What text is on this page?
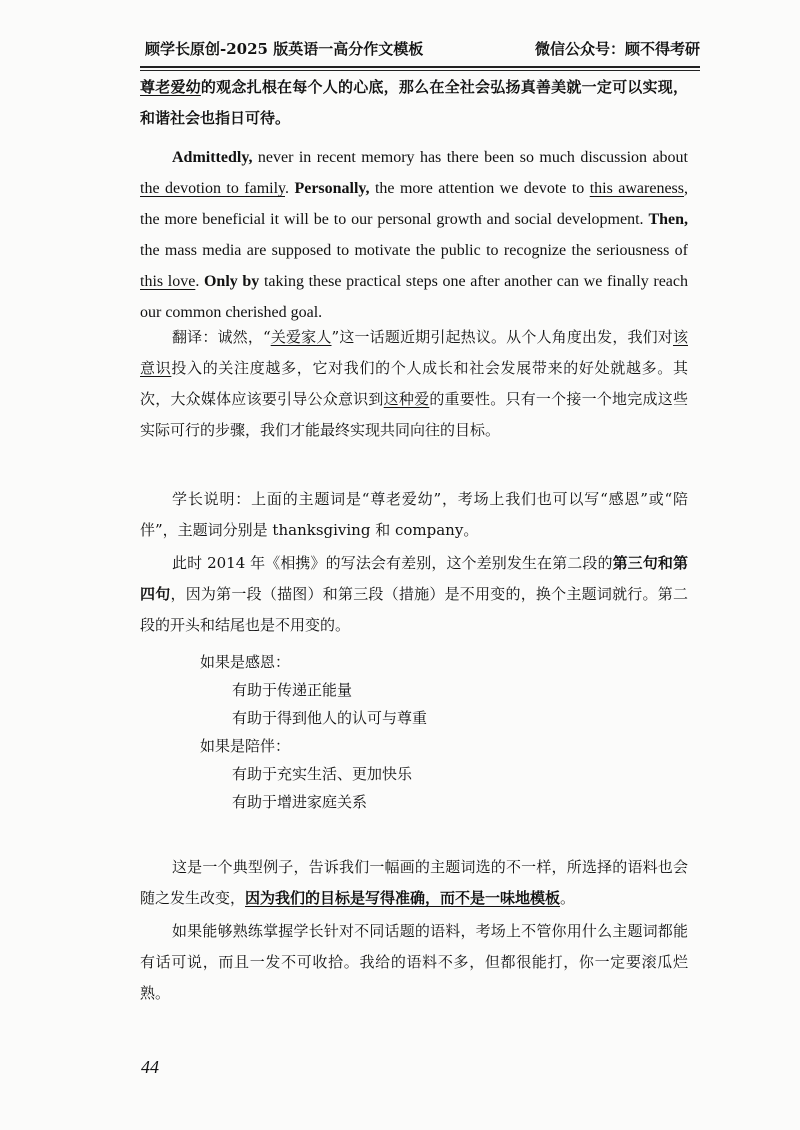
顾学长原创-2025 版英语一高分作文模板	微信公众号：顾不得考研

尊老爱幼的观念扎根在每个人的心底，那么在全社会弘扬真善美就一定可以实现，和谐社会也指日可待。

Admittedly, never in recent memory has there been so much discussion about the devotion to family. Personally, the more attention we devote to this awareness, the more beneficial it will be to our personal growth and social development. Then, the mass media are supposed to motivate the public to recognize the seriousness of this love. Only by taking these practical steps one after another can we finally reach our common cherished goal.

翻译：诚然，“关爱家人”这一话题近期引起热议。从个人角度出发，我们对该意识投入的关注度越多，它对我们的个人成长和社会发展带来的好处就越多。其次，大众媒体应该要引导公众意识到这种爱的重要性。只有一个接一个地完成这些实际可行的步骤，我们才能最终实现共同向往的目标。

学长说明：上面的主题词是“尊老爱幼”，考场上我们也可以写“感恩”或“陪伴”，主题词分别是 thanksgiving 和 company。

此时 2014 年《相携》的写法会有差别，这个差别发生在第二段的第三句和第四句，因为第一段（描图）和第三段（措施）是不用变的，换个主题词就行。第二段的开头和结尾也是不用变的。

如果是感恩：
有助于传递正能量
有助于得到他人的认可与尊重
如果是陪伴：
有助于充实生活、更加快乐
有助于增进家庭关系

这是一个典型例子，告诉我们一幅画的主题词选的不一样，所选择的语料也会随之发生改变，因为我们的目标是写得准确，而不是一味地模板。

如果能够熟练掌握学长针对不同话题的语料，考场上不管你用什么主题词都能有话可说，而且一发不可收拾。我给的语料不多，但都很能打，你一定要滚瓜烂熟。

44
